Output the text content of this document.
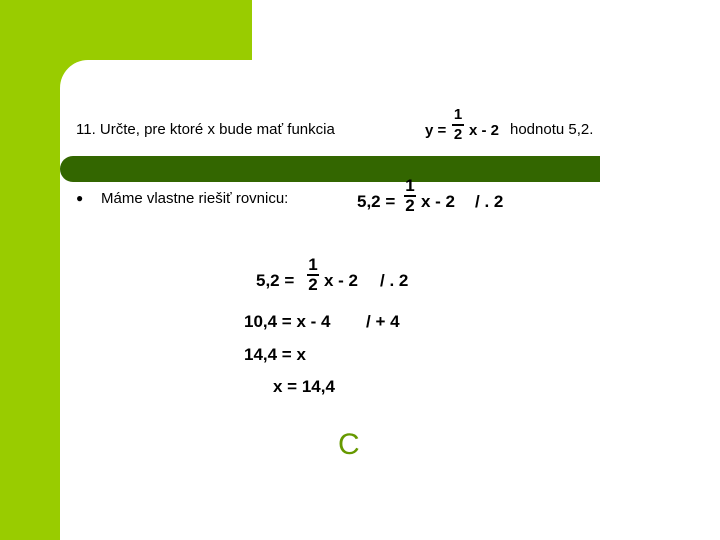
11. Určte, pre ktoré x bude mať funkcia	y =
1
2 x - 2 hodnotu 5,2.
● Máme vlastne riešiť rovnicu:	5,2 =
1
2 x - 2 / . 2
5,2 =
1
2 x - 2 / . 2
10,4 = x - 4 / + 4
14,4 = x
x = 14,4
C
